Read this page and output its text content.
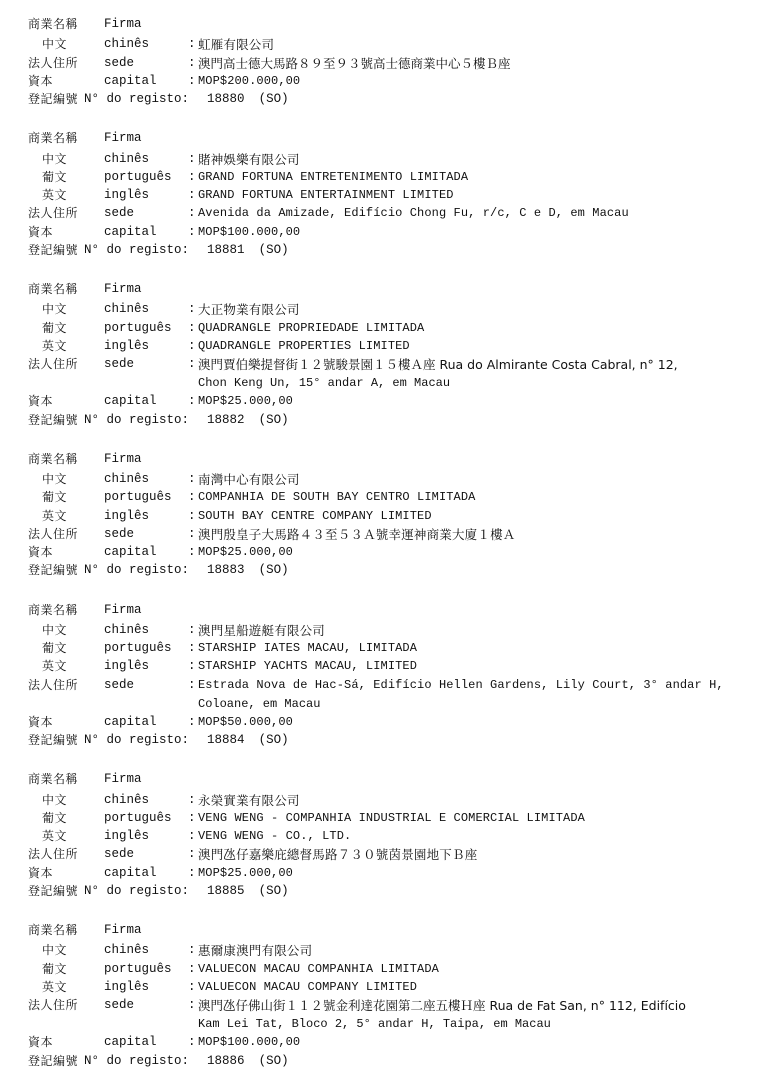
商業名稱	Firma
中文	chinês	: 虹雁有限公司
法人住所	sede	: 澳門高士德大馬路８９至９３號高士德商業中心５樓Ｂ座
資本	capital	: MOP$200.000,00
登記編號 N° do registo:	18880	(SO)
商業名稱	Firma
中文	chinês	: 賭神娛樂有限公司
葡文	português	: GRAND FORTUNA ENTRETENIMENTO LIMITADA
英文	inglês	: GRAND FORTUNA ENTERTAINMENT LIMITED
法人住所	sede	: Avenida da Amizade, Edifício Chong Fu, r/c, C e D, em Macau
資本	capital	: MOP$100.000,00
登記編號 N° do registo:	18881	(SO)
商業名稱	Firma
中文	chinês	: 大正物業有限公司
葡文	português	: QUADRANGLE PROPRIEDADE LIMITADA
英文	inglês	: QUADRANGLE PROPERTIES LIMITED
法人住所	sede	: 澳門賈伯樂提督街１２號駿景園１５樓Ａ座 Rua do Almirante Costa Cabral, n° 12,
Chon Keng Un, 15° andar A, em Macau
資本	capital	: MOP$25.000,00
登記編號 N° do registo:	18882	(SO)
商業名稱	Firma
中文	chinês	: 南灣中心有限公司
葡文	português	: COMPANHIA DE SOUTH BAY CENTRO LIMITADA
英文	inglês	: SOUTH BAY CENTRE COMPANY LIMITED
法人住所	sede	: 澳門殷皇子大馬路４３至５３Ａ號幸運神商業大廈１樓Ａ
資本	capital	: MOP$25.000,00
登記編號 N° do registo:	18883	(SO)
商業名稱	Firma
中文	chinês	: 澳門星船遊艇有限公司
葡文	português	: STARSHIP IATES MACAU, LIMITADA
英文	inglês	: STARSHIP YACHTS MACAU, LIMITED
法人住所	sede	: Estrada Nova de Hac-Sá, Edifício Hellen Gardens, Lily Court, 3° andar H,
Coloane, em Macau
資本	capital	: MOP$50.000,00
登記編號 N° do registo:	18884	(SO)
商業名稱	Firma
中文	chinês	: 永榮實業有限公司
葡文	português	: VENG WENG - COMPANHIA INDUSTRIAL E COMERCIAL LIMITADA
英文	inglês	: VENG WENG - CO., LTD.
法人住所	sede	: 澳門氹仔嘉樂庇總督馬路７３０號茵景園地下Ｂ座
資本	capital	: MOP$25.000,00
登記編號 N° do registo:	18885	(SO)
商業名稱	Firma
中文	chinês	: 惠爾康澳門有限公司
葡文	português	: VALUECON MACAU COMPANHIA LIMITADA
英文	inglês	: VALUECON MACAU COMPANY LIMITED
法人住所	sede	: 澳門氹仔佛山街１１２號金利達花園第二座五樓Ｈ座 Rua de Fat San, n° 112, Edifício
Kam Lei Tat, Bloco 2, 5° andar H, Taipa, em Macau
資本	capital	: MOP$100.000,00
登記編號 N° do registo:	18886	(SO)
